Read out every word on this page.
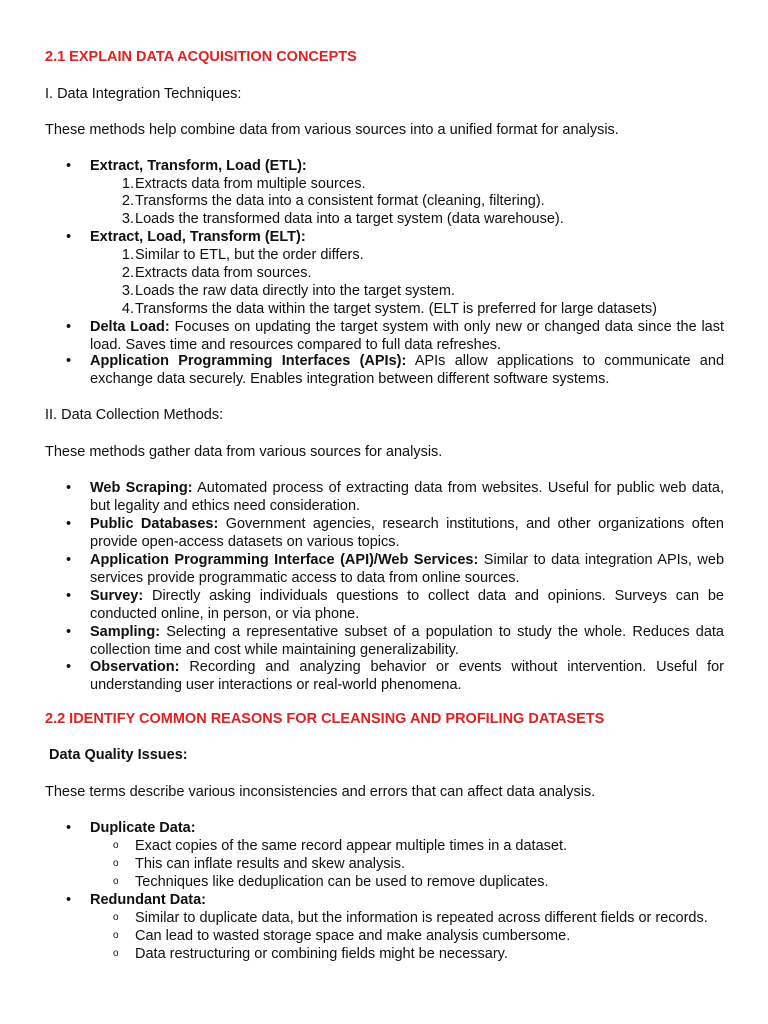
2.1 EXPLAIN DATA ACQUISITION CONCEPTS
I. Data Integration Techniques:
These methods help combine data from various sources into a unified format for analysis.
• Extract, Transform, Load (ETL):
1. Extracts data from multiple sources.
2. Transforms the data into a consistent format (cleaning, filtering).
3. Loads the transformed data into a target system (data warehouse).
• Extract, Load, Transform (ELT):
1. Similar to ETL, but the order differs.
2. Extracts data from sources.
3. Loads the raw data directly into the target system.
4. Transforms the data within the target system. (ELT is preferred for large datasets)
• Delta Load: Focuses on updating the target system with only new or changed data since the last load. Saves time and resources compared to full data refreshes.
• Application Programming Interfaces (APIs): APIs allow applications to communicate and exchange data securely. Enables integration between different software systems.
II. Data Collection Methods:
These methods gather data from various sources for analysis.
• Web Scraping: Automated process of extracting data from websites. Useful for public web data, but legality and ethics need consideration.
• Public Databases: Government agencies, research institutions, and other organizations often provide open-access datasets on various topics.
• Application Programming Interface (API)/Web Services: Similar to data integration APIs, web services provide programmatic access to data from online sources.
• Survey: Directly asking individuals questions to collect data and opinions. Surveys can be conducted online, in person, or via phone.
• Sampling: Selecting a representative subset of a population to study the whole. Reduces data collection time and cost while maintaining generalizability.
• Observation: Recording and analyzing behavior or events without intervention. Useful for understanding user interactions or real-world phenomena.
2.2 IDENTIFY COMMON REASONS FOR CLEANSING AND PROFILING DATASETS
Data Quality Issues:
These terms describe various inconsistencies and errors that can affect data analysis.
• Duplicate Data:
o Exact copies of the same record appear multiple times in a dataset.
o This can inflate results and skew analysis.
o Techniques like deduplication can be used to remove duplicates.
• Redundant Data:
o Similar to duplicate data, but the information is repeated across different fields or records.
o Can lead to wasted storage space and make analysis cumbersome.
o Data restructuring or combining fields might be necessary.
